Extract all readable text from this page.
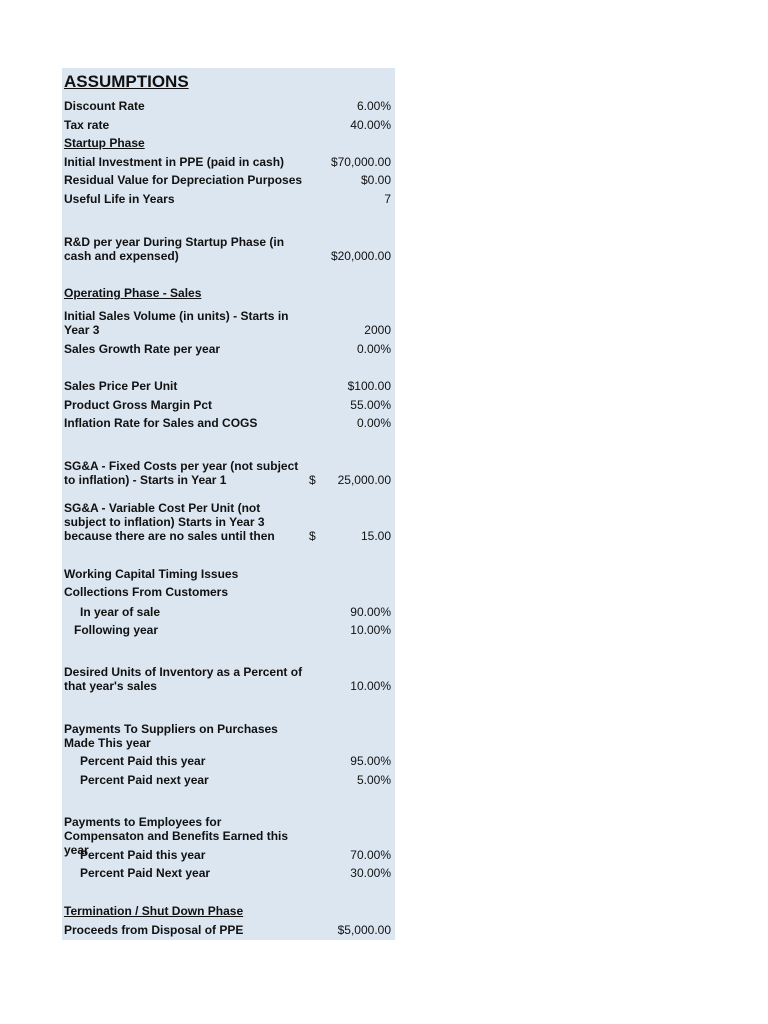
ASSUMPTIONS
Discount Rate	6.00%
Tax rate	40.00%
Startup Phase
Initial Investment in PPE (paid in cash)	$70,000.00
Residual Value for Depreciation Purposes	$0.00
Useful Life in Years	7
R&D per year During Startup Phase (in cash and expensed)	$20,000.00
Operating Phase - Sales
Initial Sales Volume (in units) - Starts in Year 3	2000
Sales Growth Rate per year	0.00%
Sales Price Per Unit	$100.00
Product Gross Margin Pct	55.00%
Inflation Rate for Sales and COGS	0.00%
SG&A - Fixed Costs per year (not subject to inflation) - Starts in Year 1	$ 25,000.00
SG&A - Variable Cost Per Unit (not subject to inflation) Starts in Year 3 because there are no sales until then	$	15.00
Working Capital Timing Issues
Collections From Customers
In year of sale	90.00%
Following year	10.00%
Desired Units of Inventory as a Percent of that year's sales	10.00%
Payments To Suppliers on Purchases Made This year
Percent Paid this year	95.00%
Percent Paid next year	5.00%
Payments to Employees for Compensaton and Benefits Earned this year
Percent Paid this year	70.00%
Percent Paid Next year	30.00%
Termination / Shut Down Phase
Proceeds from Disposal of PPE	$5,000.00
